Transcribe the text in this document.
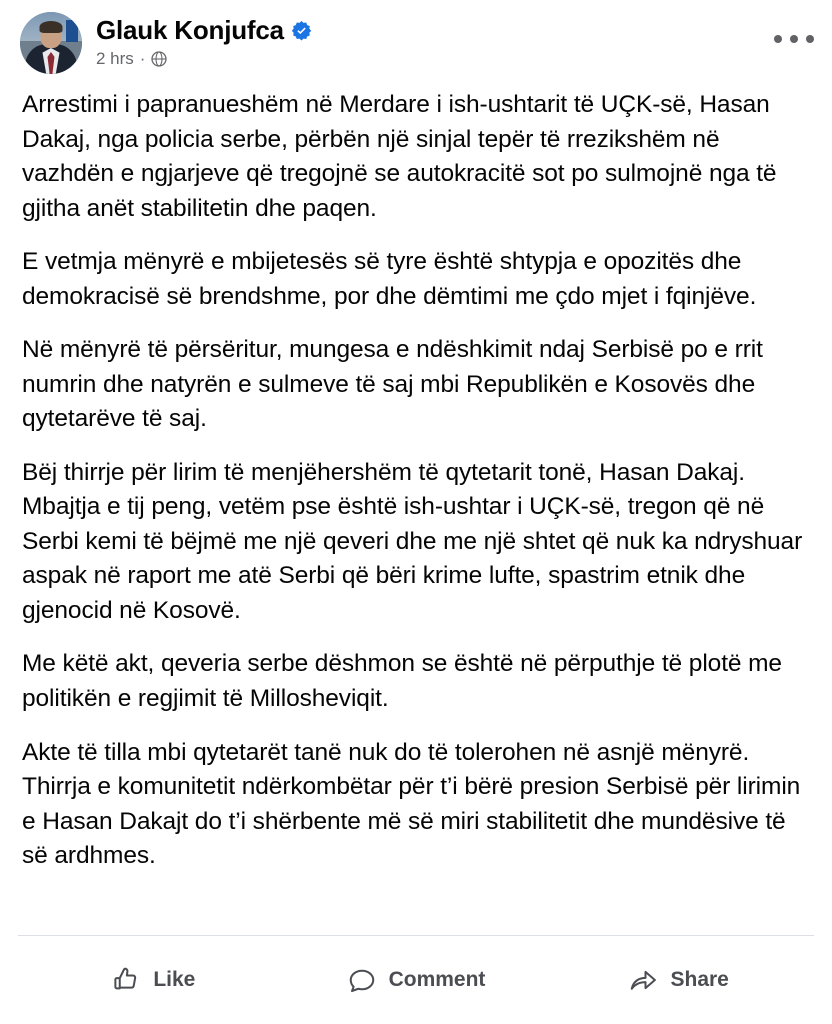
Glauk Konjufca
2 hrs ·

Arrestimi i papranueshëm në Merdare i ish-ushtarit të UÇK-së, Hasan Dakaj, nga policia serbe, përbën një sinjal tepër të rrezikshëm në vazhdën e ngjarjeve që tregojnë se autokracitë sot po sulmojnë nga të gjitha anët stabilitetin dhe paqen.

E vetmja mënyrë e mbijetesës së tyre është shtypja e opozitës dhe demokracisë së brendshme, por dhe dëmtimi me çdo mjet i fqinjëve.

Në mënyrë të përsëritur, mungesa e ndëshkimit ndaj Serbisë po e rrit numrin dhe natyrën e sulmeve të saj mbi Republikën e Kosovës dhe qytetarëve të saj.

Bëj thirrje për lirim të menjëhershëm të qytetarit tonë, Hasan Dakaj. Mbajtja e tij peng, vetëm pse është ish-ushtar i UÇK-së, tregon që në Serbi kemi të bëjmë me një qeveri dhe me një shtet që nuk ka ndryshuar aspak në raport me atë Serbi që bëri krime lufte, spastrim etnik dhe gjenocid në Kosovë.

Me këtë akt, qeveria serbe dëshmon se është në përputhje të plotë me politikën e regjimit të Millosheviqit.

Akte të tilla mbi qytetarët tanë nuk do të tolerohen në asnjë mënyrë. Thirrja e komunitetit ndërkombëtar për t’i bërë presion Serbisë për lirimin e Hasan Dakajt do t’i shërbente më së miri stabilitetit dhe mundësive të së ardhmes.

Like	Comment	Share
